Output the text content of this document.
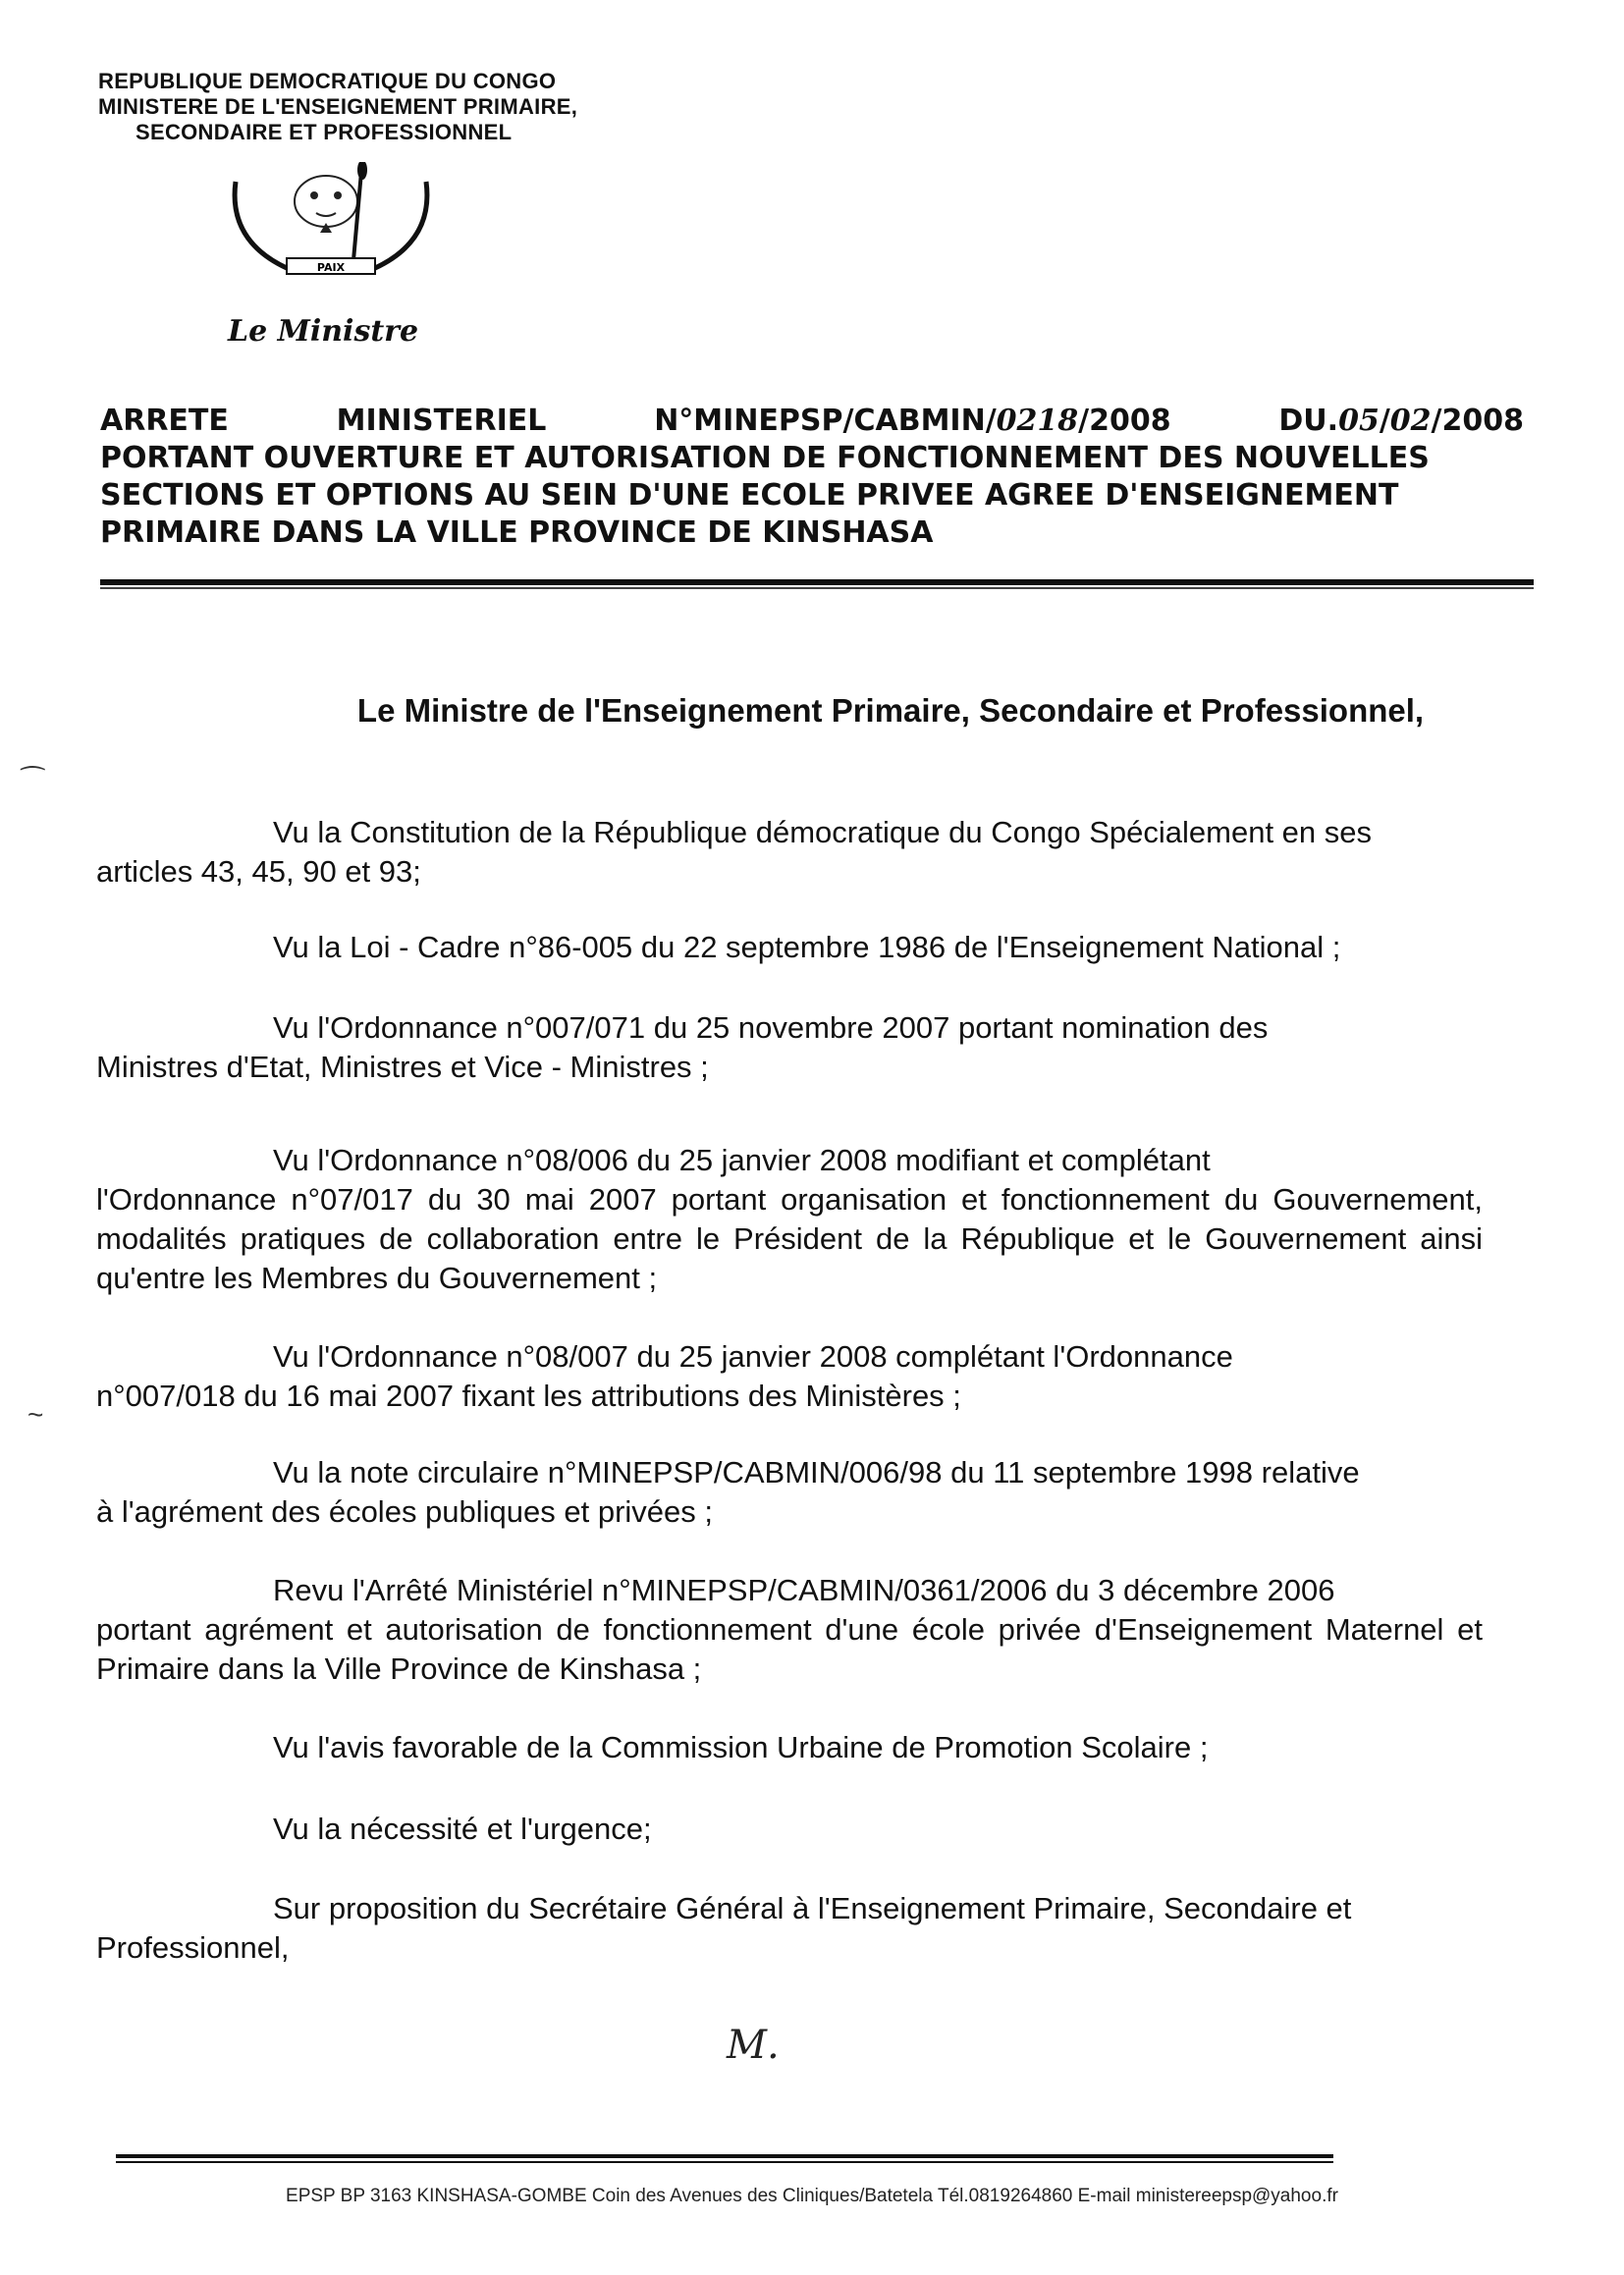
REPUBLIQUE DEMOCRATIQUE DU CONGO
MINISTERE DE L'ENSEIGNEMENT PRIMAIRE,
SECONDAIRE ET PROFESSIONNEL
PAIX
Le Ministre
ARRETE	MINISTERIEL	N°MINEPSP/CABMIN/0218/2008	DU.05/02/2008
PORTANT OUVERTURE ET AUTORISATION DE FONCTIONNEMENT DES NOUVELLES
SECTIONS ET OPTIONS AU SEIN D'UNE ECOLE PRIVEE AGREE D'ENSEIGNEMENT
PRIMAIRE DANS LA VILLE PROVINCE DE KINSHASA
Le Ministre de l'Enseignement Primaire, Secondaire et Professionnel,
Vu la Constitution de la République démocratique du Congo Spécialement en ses
articles 43, 45, 90 et 93;
Vu la Loi - Cadre n°86-005 du 22 septembre 1986 de l'Enseignement National ;
Vu l'Ordonnance n°007/071 du 25 novembre 2007 portant nomination des
Ministres d'Etat, Ministres et Vice - Ministres ;
Vu l'Ordonnance n°08/006 du 25 janvier 2008 modifiant et complétant
l'Ordonnance n°07/017 du 30 mai 2007 portant organisation et fonctionnement du Gouvernement, modalités pratiques de collaboration entre le Président de la République et le Gouvernement ainsi qu'entre les Membres du Gouvernement ;
Vu l'Ordonnance n°08/007 du 25 janvier 2008 complétant l'Ordonnance
n°007/018 du 16 mai 2007 fixant les attributions des Ministères ;
Vu la note circulaire n°MINEPSP/CABMIN/006/98 du 11 septembre 1998 relative
à l'agrément des écoles publiques et privées ;
Revu l'Arrêté Ministériel n°MINEPSP/CABMIN/0361/2006 du 3 décembre 2006
portant agrément et autorisation de fonctionnement d'une école privée d'Enseignement Maternel et Primaire dans la Ville Province de Kinshasa ;
Vu l'avis favorable de la Commission Urbaine de Promotion Scolaire ;
Vu la nécessité et l'urgence;
Sur proposition du Secrétaire Général à l'Enseignement Primaire, Secondaire et
Professionnel,
⁀
~
M.
EPSP BP 3163 KINSHASA-GOMBE Coin des Avenues des Cliniques/Batetela Tél.0819264860 E-mail ministereepsp@yahoo.fr
